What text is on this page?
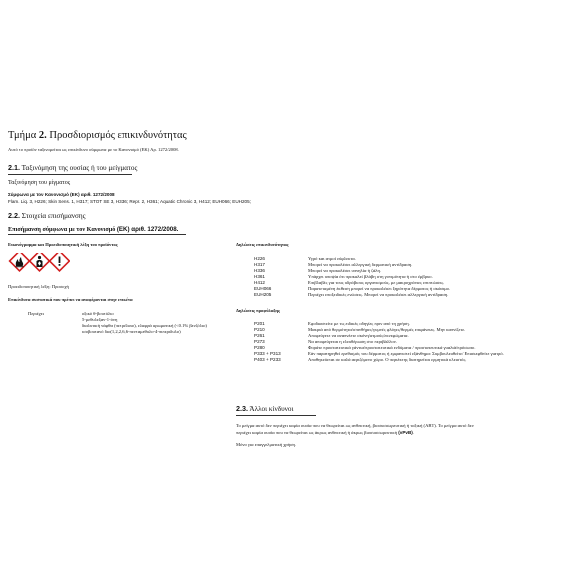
Τμήμα 2. Προσδιορισμός επικινδυνότητας
Αυτό το προϊόν ταξινομείται ως επικίνδυνο σύμφωνα με το Κανονισμό (ΕΚ) Αρ. 1272/2008.
2.1. Ταξινόμηση της ουσίας ή του μείγματος
Ταξινόμηση του μίγματος
Σύμφωνα με τον Κανονισμό (ΕΚ) αριθ. 1272/2008
Flam. Liq. 3, H226; Skin Sens. 1, H317; STOT SE 3, H336; Repr. 2, H361; Aquatic Chronic 3, H412; EUH066; EUH205;
2.2. Στοιχεία επισήμανσης
Επισήμανση σύμφωνα με τον Κανονισμό (ΕΚ) αριθ. 1272/2008.
Εικονόγραμμα και Προειδοποιητική λέξη του προϊόντος
Προειδοποιητική λέξη: Προσοχή
Επικίνδυνα συστατικά που πρέπει να αναφέρονται στην ετικέτα
Περιέχει	οξικό θ-βουτύλιο
5-μεθυλεξαν-1-όνη
διαλυτική νάφθα (πετρέλαιο), ελαφρά αρωματική (<0.1% βενζόλιο)
ισοβουτανό διο(1,2,2,6,6-πενταμεθυλο-4-πιπεριδυλο)
Δηλώσεις επικινδυνότητας
H226	Υγρό και ατμοί εύφλεκτα.
H317	Μπορεί να προκαλέσει αλλεργική δερματική αντίδραση.
H336	Μπορεί να προκαλέσει υπνηλία ή ζάλη.
H361	Υπάρχει υποψία ότι προκαλεί βλάβη στη γονιμότητα ή στο έμβρυο.
H412	Επιβλαβές για τους υδρόβιους οργανισμούς, με μακροχρόνιες επιπτώσεις.
EUH066	Παρατεταμένη έκθεση μπορεί να προκαλέσει ξηρότητα δέρματος ή σκάσιμο.
EUH205	Περιέχει εποξειδικές ενώσεις. Μπορεί να προκαλέσει αλλεργική αντίδραση.
Δηλώσεις προφύλαξης
P201	Εφοδιαστείτε με τις ειδικές οδηγίες πριν από τη χρήση.
P210	Μακριά από θερμότητα/σπινθήρες/γυμνές φλόγες/θερμές επιφάνειες. Μην καπνίζετε.
P261	Αποφεύγετε να αναπνέετε σκόνη/ατμούς/εκνεφώματα.
P273	Να αποφεύγεται η ελευθέρωση στο περιβάλλον.
P280	Φοράτε προστατευτικά γάντια/προστατευτικά ενδύματα / προστατευτικά γυαλιά/πρόσωπο.
P333 + P313	Εάν παρατηρηθεί ερεθισμός του δέρματος ή εμφανιστεί εξάνθημα: Συμβουλευθείτε/ Επισκεφθείτε γιατρό.
P403 + P233	Αποθηκεύεται σε καλά αεριζόμενο χώρο. Ο περιέκτης διατηρείται ερμητικά κλειστός.
2.3. Άλλοι κίνδυνοι
Το μείγμα αυτό δεν περιέχει καμία ουσία που να θεωρείται ως ανθεκτική, βιοσυσσωρευτική ή τοξική (ΑΒΤ). Το μείγμα αυτό δεν
περιέχει καμία ουσία που να θεωρείται ως άκρως ανθεκτική ή άκρως βιοσυσσωρευτική (vPvB).
Μόνο για επαγγελματική χρήση.
